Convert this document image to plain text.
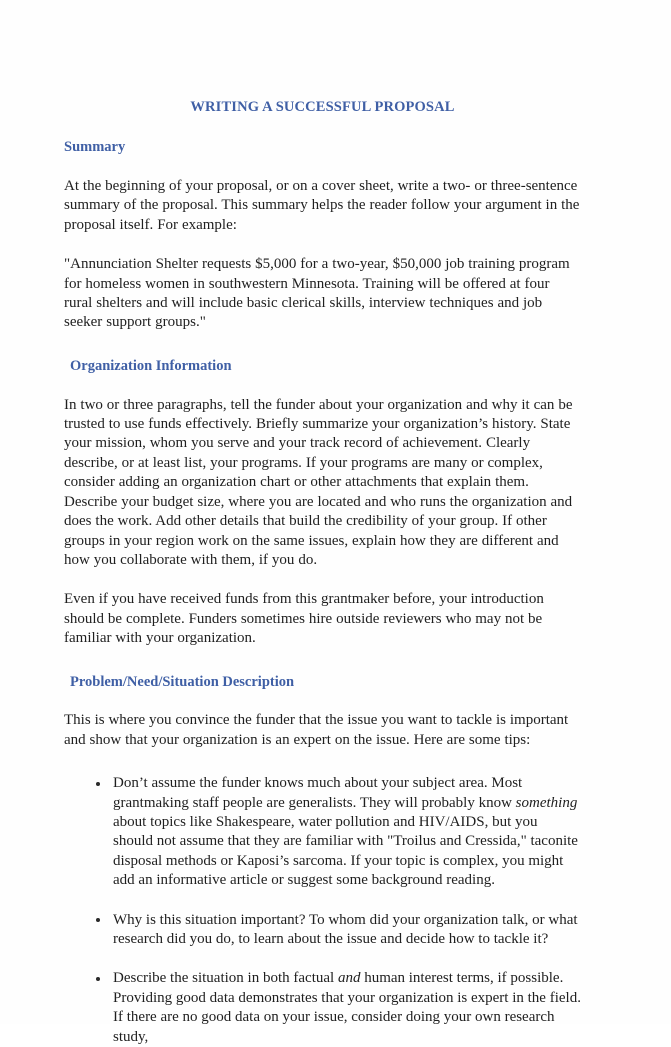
WRITING A SUCCESSFUL PROPOSAL
Summary

At the beginning of your proposal, or on a cover sheet, write a two- or three-sentence summary of the proposal. This summary helps the reader follow your argument in the proposal itself. For example:

"Annunciation Shelter requests $5,000 for a two-year, $50,000 job training program for homeless women in southwestern Minnesota. Training will be offered at four rural shelters and will include basic clerical skills, interview techniques and job seeker support groups."

Organization Information

In two or three paragraphs, tell the funder about your organization and why it can be trusted to use funds effectively. Briefly summarize your organization’s history. State your mission, whom you serve and your track record of achievement. Clearly describe, or at least list, your programs. If your programs are many or complex, consider adding an organization chart or other attachments that explain them. Describe your budget size, where you are located and who runs the organization and does the work. Add other details that build the credibility of your group. If other groups in your region work on the same issues, explain how they are different and how you collaborate with them, if you do.

Even if you have received funds from this grantmaker before, your introduction should be complete. Funders sometimes hire outside reviewers who may not be familiar with your organization.

Problem/Need/Situation Description

This is where you convince the funder that the issue you want to tackle is important and show that your organization is an expert on the issue. Here are some tips:

Don’t assume the funder knows much about your subject area. Most grantmaking staff people are generalists. They will probably know something about topics like Shakespeare, water pollution and HIV/AIDS, but you should not assume that they are familiar with "Troilus and Cressida," taconite disposal methods or Kaposi’s sarcoma. If your topic is complex, you might add an informative article or suggest some background reading.
Why is this situation important? To whom did your organization talk, or what research did you do, to learn about the issue and decide how to tackle it?
Describe the situation in both factual and human interest terms, if possible. Providing good data demonstrates that your organization is expert in the field. If there are no good data on your issue, consider doing your own research study,
